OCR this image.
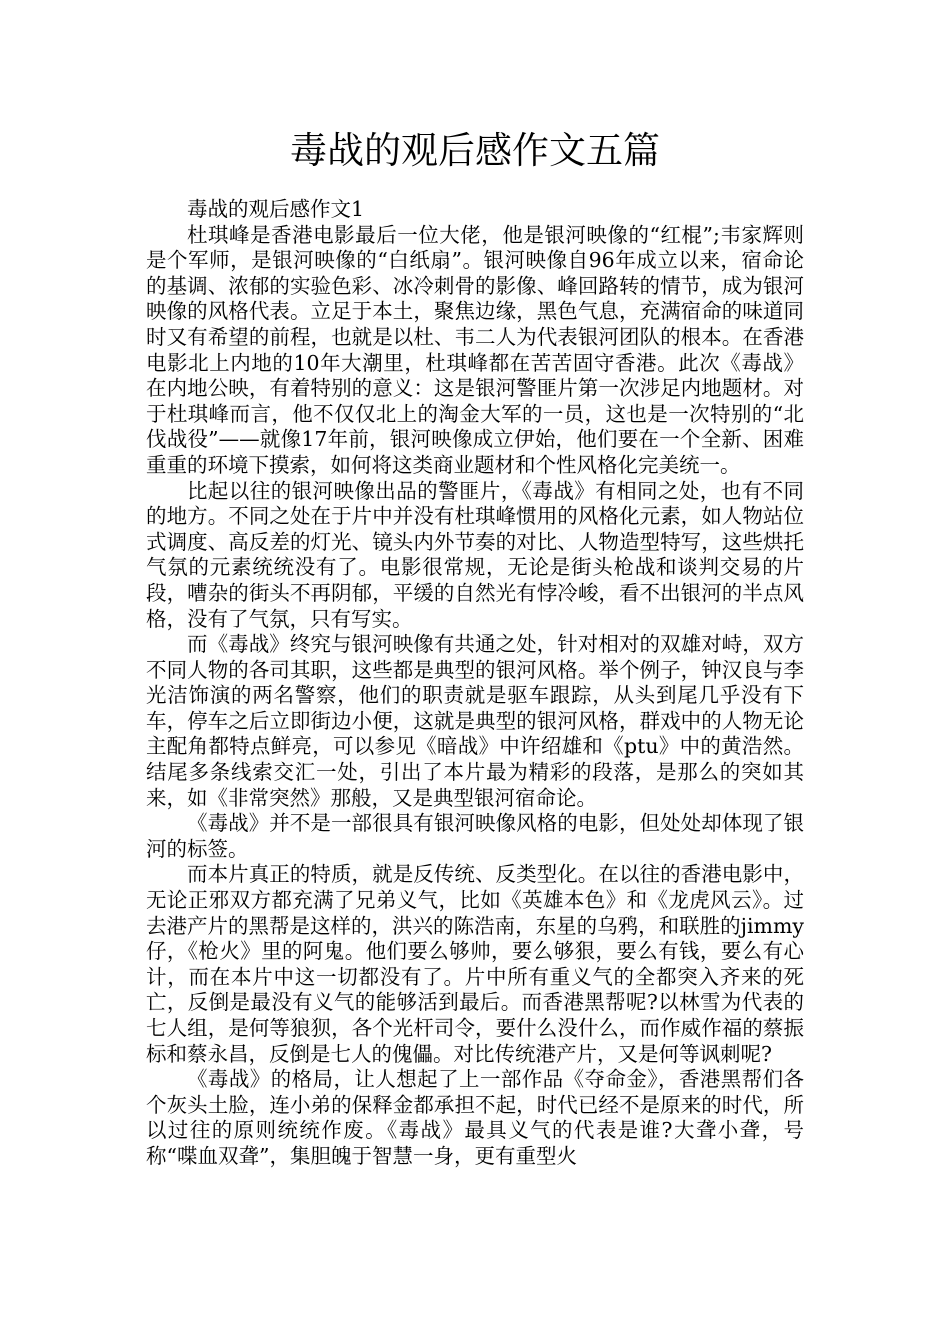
毒战的观后感作文五篇

毒战的观后感作文1

杜琪峰是香港电影最后一位大佬，他是银河映像的“红棍”;韦家辉则是个军师，是银河映像的“白纸扇”。银河映像自96年成立以来，宿命论的基调、浓郁的实验色彩、冰冷刺骨的影像、峰回路转的情节，成为银河映像的风格代表。立足于本土，聚焦边缘，黑色气息，充满宿命的味道同时又有希望的前程，也就是以杜、韦二人为代表银河团队的根本。在香港电影北上内地的10年大潮里，杜琪峰都在苦苦固守香港。此次《毒战》在内地公映，有着特别的意义：这是银河警匪片第一次涉足内地题材。对于杜琪峰而言，他不仅仅北上的淘金大军的一员，这也是一次特别的“北伐战役”——就像17年前，银河映像成立伊始，他们要在一个全新、困难重重的环境下摸索，如何将这类商业题材和个性风格化完美统一。

比起以往的银河映像出品的警匪片，《毒战》有相同之处，也有不同的地方。不同之处在于片中并没有杜琪峰惯用的风格化元素，如人物站位式调度、高反差的灯光、镜头内外节奏的对比、人物造型特写，这些烘托气氛的元素统统没有了。电影很常规，无论是街头枪战和谈判交易的片段，嘈杂的街头不再阴郁，平缓的自然光有悖冷峻，看不出银河的半点风格，没有了气氛，只有写实。

而《毒战》终究与银河映像有共通之处，针对相对的双雄对峙，双方不同人物的各司其职，这些都是典型的银河风格。举个例子，钟汉良与李光洁饰演的两名警察，他们的职责就是驱车跟踪，从头到尾几乎没有下车，停车之后立即街边小便，这就是典型的银河风格，群戏中的人物无论主配角都特点鲜亮，可以参见《暗战》中许绍雄和《ptu》中的黄浩然。结尾多条线索交汇一处，引出了本片最为精彩的段落，是那么的突如其来，如《非常突然》那般，又是典型银河宿命论。

《毒战》并不是一部很具有银河映像风格的电影，但处处却体现了银河的标签。

而本片真正的特质，就是反传统、反类型化。在以往的香港电影中，无论正邪双方都充满了兄弟义气，比如《英雄本色》和《龙虎风云》。过去港产片的黑帮是这样的，洪兴的陈浩南，东星的乌鸦，和联胜的jimmy仔，《枪火》里的阿鬼。他们要么够帅，要么够狠，要么有钱，要么有心计，而在本片中这一切都没有了。片中所有重义气的全都突入齐来的死亡，反倒是最没有义气的能够活到最后。而香港黑帮呢?以林雪为代表的七人组，是何等狼狈，各个光杆司令，要什么没什么，而作威作福的蔡振标和蔡永昌，反倒是七人的傀儡。对比传统港产片，又是何等讽刺呢?

《毒战》的格局，让人想起了上一部作品《夺命金》，香港黑帮们各个灰头土脸，连小弟的保释金都承担不起，时代已经不是原来的时代，所以过往的原则统统作废。《毒战》最具义气的代表是谁?大聋小聋，号称“喋血双聋”，集胆魄于智慧一身，更有重型火
